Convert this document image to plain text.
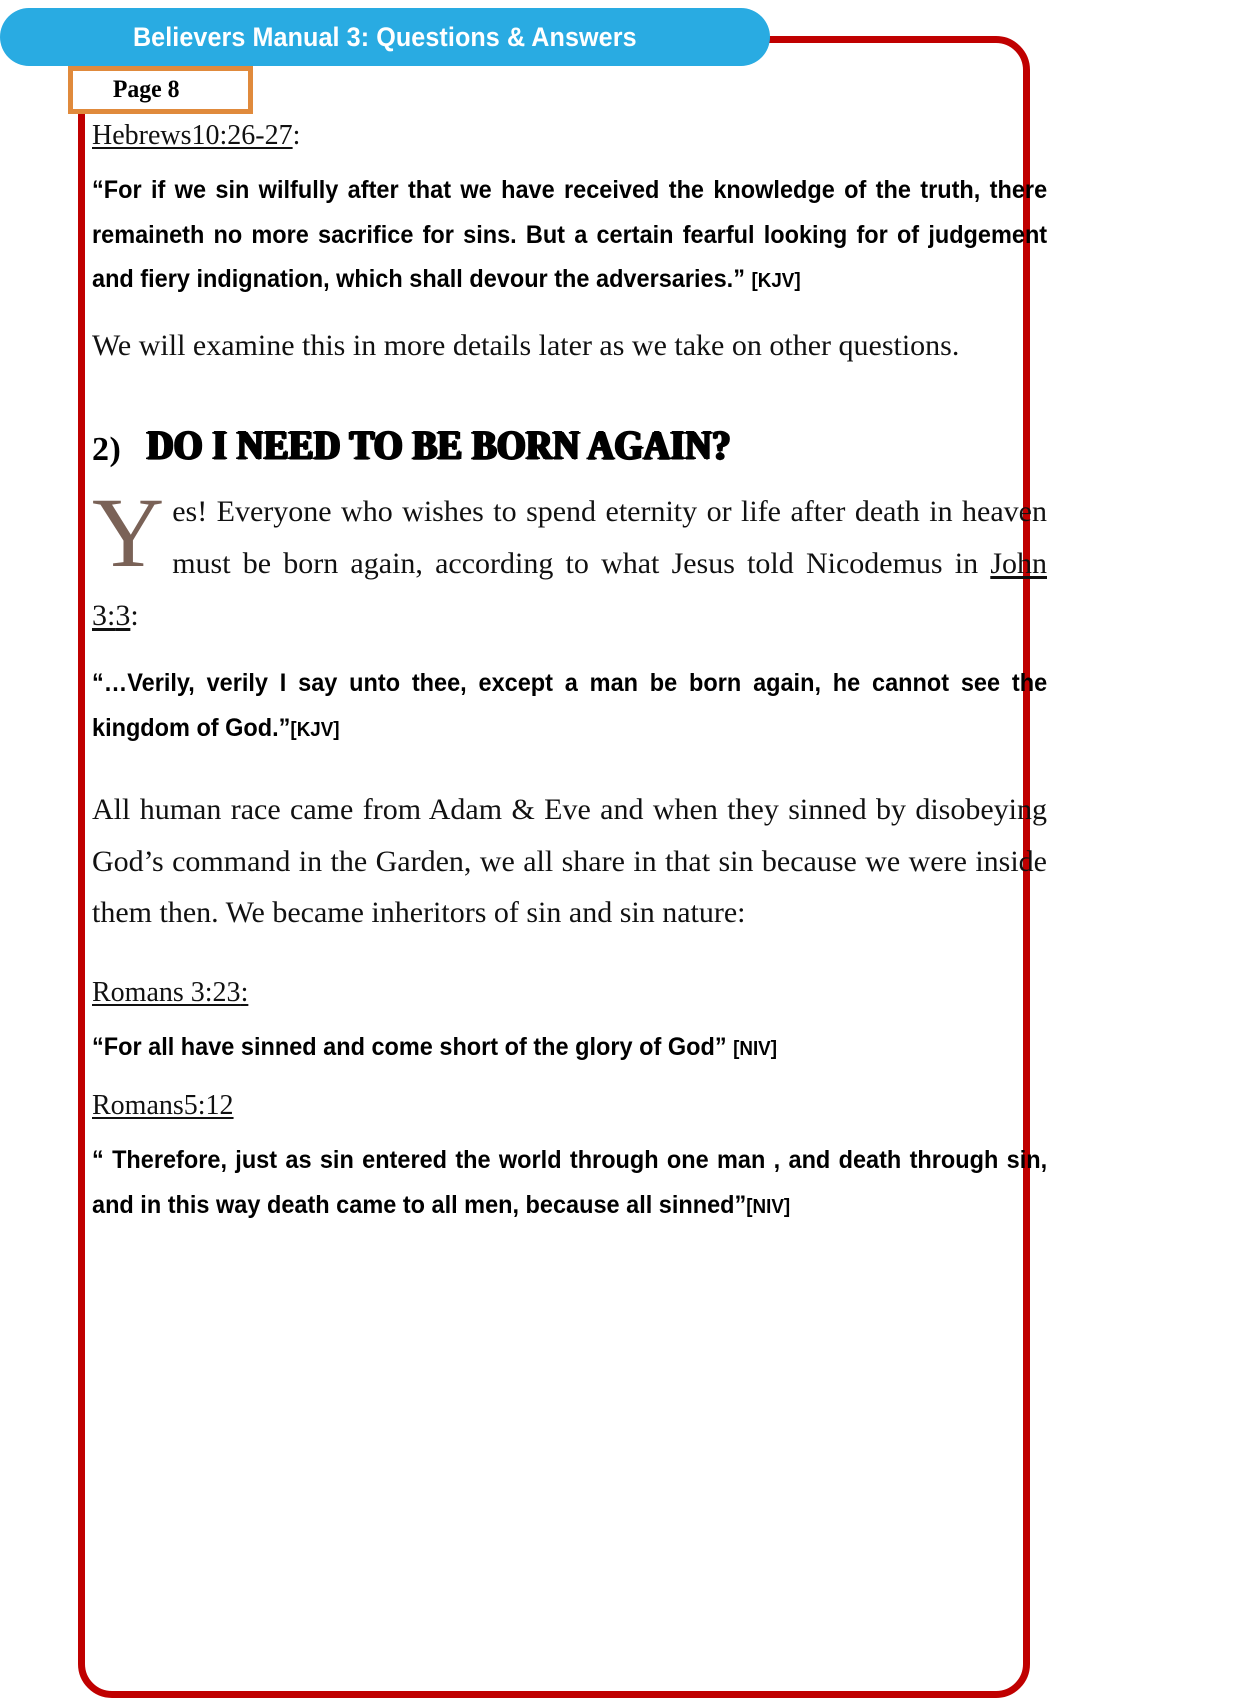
Believers Manual 3: Questions & Answers
Page 8

Hebrews10:26-27:

“For if we sin wilfully after that we have received the knowledge of the truth, there remaineth no more sacrifice for sins. But a certain fearful looking for of judgement and fiery indignation, which shall devour the adversaries.” [KJV]

We will examine this in more details later as we take on other questions.

2) DO I NEED TO BE BORN AGAIN?

Yes! Everyone who wishes to spend eternity or life after death in heaven must be born again, according to what Jesus told Nicodemus in John 3:3:

“…Verily, verily I say unto thee, except a man be born again, he cannot see the kingdom of God.”[KJV]

All human race came from Adam & Eve and when they sinned by disobeying God’s command in the Garden, we all share in that sin because we were inside them then. We became inheritors of sin and sin nature:

Romans 3:23:

“For all have sinned and come short of the glory of God” [NIV]

Romans5:12

“ Therefore, just as sin entered the world through one man , and death through sin, and in this way death came to all men, because all sinned”[NIV]
